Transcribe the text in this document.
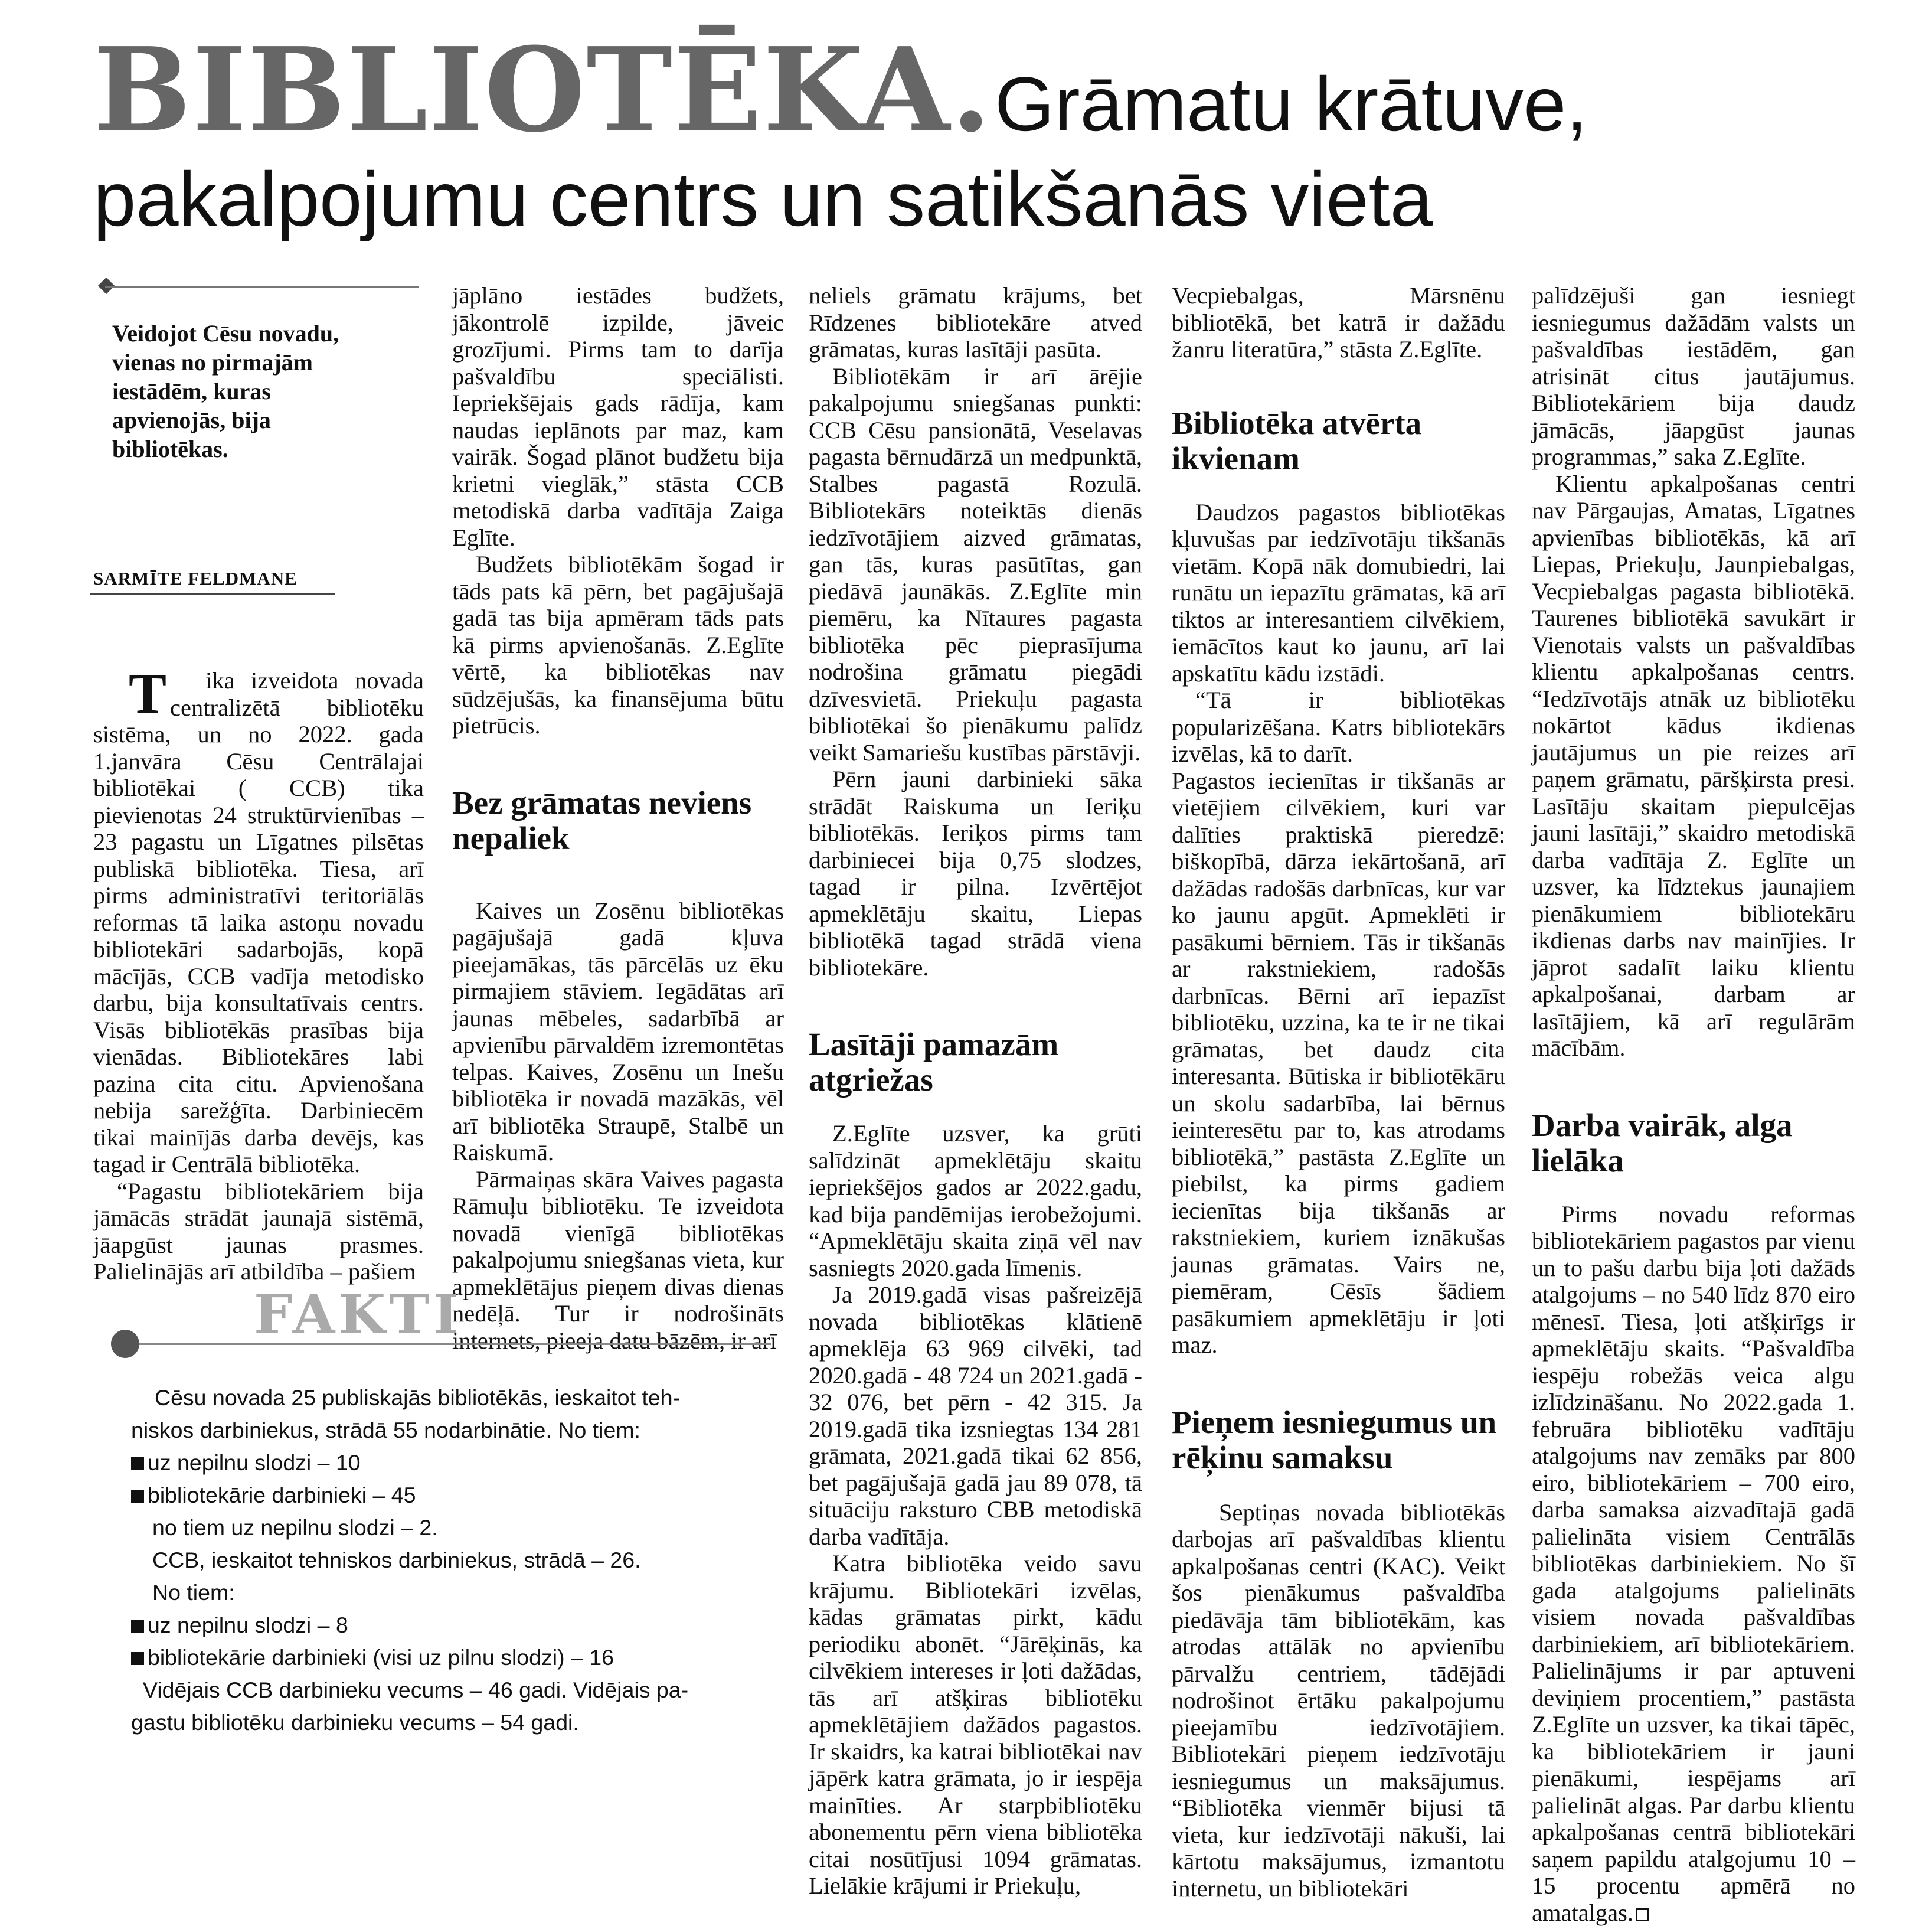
BIBLIOTĒKA. Grāmatu krātuve,
pakalpojumu centrs un satikšanās vieta
Veidojot Cēsu novadu, vienas no pirmajām iestādēm, kuras apvienojās, bija bibliotēkas.
SARMĪTE FELDMANE

T ika izveidota novada centralizētā bibliotēku sistēma, un no 2022. gada 1.janvāra Cēsu Centrālajai bibliotēkai ( CCB) tika pievienotas 24 struktūrvienības – 23 pagastu un Līgatnes pilsētas publiskā bibliotēka. Tiesa, arī pirms administratīvi teritoriālās reformas tā laika astoņu novadu bibliotekāri sadarbojās, kopā mācījās, CCB vadīja metodisko darbu, bija konsultatīvais centrs. Visās bibliotēkās prasības bija vienādas. Bibliotekāres labi pazina cita citu. Apvienošana nebija sarežģīta. Darbiniecēm tikai mainījās darba devējs, kas tagad ir Centrālā bibliotēka.

“Pagastu bibliotekāriem bija jāmācās strādāt jaunajā sistēmā, jāapgūst jaunas prasmes. Palielinājās arī atbildība – pašiem

jāplāno iestādes budžets, jākontrolē izpilde, jāveic grozījumi. Pirms tam to darīja pašvaldību speciālisti. Iepriekšējais gads rādīja, kam naudas ieplānots par maz, kam vairāk. Šogad plānot budžetu bija krietni vieglāk,” stāsta CCB metodiskā darba vadītāja Zaiga Eglīte.

Budžets bibliotēkām šogad ir tāds pats kā pērn, bet pagājušajā gadā tas bija apmēram tāds pats kā pirms apvienošanās. Z.Eglīte vērtē, ka bibliotēkas nav sūdzējušās, ka finansējuma būtu pietrūcis.

Bez grāmatas neviens nepaliek

Kaives un Zosēnu bibliotēkas pagājušajā gadā kļuva pieejamākas, tās pārcēlās uz ēku pirmajiem stāviem. Iegādātas arī jaunas mēbeles, sadarbībā ar apvienību pārvaldēm izremontētas telpas. Kaives, Zosēnu un Inešu bibliotēka ir novadā mazākās, vēl arī bibliotēka Straupē, Stalbē un Raiskumā.

Pārmaiņas skāra Vaives pagasta Rāmuļu bibliotēku. Te izveidota novadā vienīgā bibliotēkas pakalpojumu sniegšanas vieta, kur apmeklētājus pieņem divas dienas nedēļā. Tur ir nodrošināts internets, pieeja datu bāzēm, ir arī

neliels grāmatu krājums, bet Rīdzenes bibliotekāre atved grāmatas, kuras lasītāji pasūta.

Bibliotēkām ir arī ārējie pakalpojumu sniegšanas punkti: CCB Cēsu pansionātā, Veselavas pagasta bērnudārzā un medpunktā, Stalbes pagastā Rozulā. Bibliotekārs noteiktās dienās iedzīvotājiem aizved grāmatas, gan tās, kuras pasūtītas, gan piedāvā jaunākās. Z.Eglīte min piemēru, ka Nītaures pagasta bibliotēka pēc pieprasījuma nodrošina grāmatu piegādi dzīvesvietā. Priekuļu pagasta bibliotēkai šo pienākumu palīdz veikt Samariešu kustības pārstāvji.

Pērn jauni darbinieki sāka strādāt Raiskuma un Ieriķu bibliotēkās. Ieriķos pirms tam darbiniecei bija 0,75 slodzes, tagad ir pilna. Izvērtējot apmeklētāju skaitu, Liepas bibliotēkā tagad strādā viena bibliotekāre.

Lasītāji pamazām atgriežas

Z.Eglīte uzsver, ka grūti salīdzināt apmeklētāju skaitu iepriekšējos gados ar 2022.gadu, kad bija pandēmijas ierobežojumi. “Apmeklētāju skaita ziņā vēl nav sasniegts 2020.gada līmenis.

Ja 2019.gadā visas pašreizējā novada bibliotēkas klātienē apmeklēja 63 969 cilvēki, tad 2020.gadā - 48 724 un 2021.gadā - 32 076, bet pērn - 42 315. Ja 2019.gadā tika izsniegtas 134 281 grāmata, 2021.gadā tikai 62 856, bet pagājušajā gadā jau 89 078, tā situāciju raksturo CBB metodiskā darba vadītāja.

Katra bibliotēka veido savu krājumu. Bibliotekāri izvēlas, kādas grāmatas pirkt, kādu periodiku abonēt. “Jārēķinās, ka cilvēkiem intereses ir ļoti dažādas, tās arī atšķiras bibliotēku apmeklētājiem dažādos pagastos. Ir skaidrs, ka katrai bibliotēkai nav jāpērk katra grāmata, jo ir iespēja mainīties. Ar starpbibliotēku abonementu pērn viena bibliotēka citai nosūtījusi 1094 grāmatas. Lielākie krājumi ir Priekuļu,

Vecpiebalgas, Mārsnēnu bibliotēkā, bet katrā ir dažādu žanru literatūra,” stāsta Z.Eglīte.

Bibliotēka atvērta ikvienam

Daudzos pagastos bibliotēkas kļuvušas par iedzīvotāju tikšanās vietām. Kopā nāk domubiedri, lai runātu un iepazītu grāmatas, kā arī tiktos ar interesantiem cilvēkiem, iemācītos kaut ko jaunu, arī lai apskatītu kādu izstādi.

“Tā ir bibliotēkas popularizēšana. Katrs bibliotekārs izvēlas, kā to darīt.

Pagastos iecienītas ir tikšanās ar vietējiem cilvēkiem, kuri var dalīties praktiskā pieredzē: biškopībā, dārza iekārtošanā, arī dažādas radošās darbnīcas, kur var ko jaunu apgūt. Apmeklēti ir pasākumi bērniem. Tās ir tikšanās ar rakstniekiem, radošās darbnīcas. Bērni arī iepazīst bibliotēku, uzzina, ka te ir ne tikai grāmatas, bet daudz cita interesanta. Būtiska ir bibliotēkāru un skolu sadarbība, lai bērnus ieinteresētu par to, kas atrodams bibliotēkā,” pastāsta Z.Eglīte un piebilst, ka pirms gadiem iecienītas bija tikšanās ar rakstniekiem, kuriem iznākušas jaunas grāmatas. Vairs ne, piemēram, Cēsīs šādiem pasākumiem apmeklētāju ir ļoti maz.

Pieņem iesniegumus un rēķinu samaksu

Septiņas novada bibliotēkās darbojas arī pašvaldības klientu apkalpošanas centri (KAC). Veikt šos pienākumus pašvaldība piedāvāja tām bibliotēkām, kas atrodas attālāk no apvienību pārvalžu centriem, tādējādi nodrošinot ērtāku pakalpojumu pieejamību iedzīvotājiem. Bibliotekāri pieņem iedzīvotāju iesniegumus un maksājumus. “Bibliotēka vienmēr bijusi tā vieta, kur iedzīvotāji nākuši, lai kārtotu maksājumus, izmantotu internetu, un bibliotekāri

palīdzējuši gan iesniegt iesniegumus dažādām valsts un pašvaldības iestādēm, gan atrisināt citus jautājumus. Bibliotekāriem bija daudz jāmācās, jāapgūst jaunas programmas,” saka Z.Eglīte.

Klientu apkalpošanas centri nav Pārgaujas, Amatas, Līgatnes apvienības bibliotēkās, kā arī Liepas, Priekuļu, Jaunpiebalgas, Vecpiebalgas pagasta bibliotēkā. Taurenes bibliotēkā savukārt ir Vienotais valsts un pašvaldības klientu apkalpošanas centrs. “Iedzīvotājs atnāk uz bibliotēku nokārtot kādus ikdienas jautājumus un pie reizes arī paņem grāmatu, pāršķirsta presi. Lasītāju skaitam piepulcējas jauni lasītāji,” skaidro metodiskā darba vadītāja Z. Eglīte un uzsver, ka līdztekus jaunajiem pienākumiem bibliotekāru ikdienas darbs nav mainījies. Ir jāprot sadalīt laiku klientu apkalpošanai, darbam ar lasītājiem, kā arī regulārām mācībām.

Darba vairāk, alga lielāka

Pirms novadu reformas bibliotekāriem pagastos par vienu un to pašu darbu bija ļoti dažāds atalgojums – no 540 līdz 870 eiro mēnesī. Tiesa, ļoti atšķirīgs ir apmeklētāju skaits. “Pašvaldība iespēju robežās veica algu izlīdzināšanu. No 2022.gada 1. februāra bibliotēku vadītāju atalgojums nav zemāks par 800 eiro, bibliotekāriem – 700 eiro, darba samaksa aizvadītajā gadā palielināta visiem Centrālās bibliotēkas darbiniekiem. No šī gada atalgojums palielināts visiem novada pašvaldības darbiniekiem, arī bibliotekāriem. Palielinājums ir par aptuveni deviņiem procentiem,” pastāsta Z.Eglīte un uzsver, ka tikai tāpēc, ka bibliotekāriem ir jauni pienākumi, iespējams arī palielināt algas. Par darbu klientu apkalpošanas centrā bibliotekāri saņem papildu atalgojumu 10 –15 procentu apmērā no amatalgas.

FAKTI
Cēsu novada 25 publiskajās bibliotēkās, ieskaitot teh-
niskos darbiniekus, strādā 55 nodarbinātie. No tiem:
uz nepilnu slodzi – 10
bibliotekārie darbinieki – 45
no tiem uz nepilnu slodzi – 2.
CCB, ieskaitot tehniskos darbiniekus, strādā – 26.
No tiem:
uz nepilnu slodzi – 8
bibliotekārie darbinieki (visi uz pilnu slodzi) – 16
Vidējais CCB darbinieku vecums – 46 gadi. Vidējais pa-
gastu bibliotēku darbinieku vecums – 54 gadi.
